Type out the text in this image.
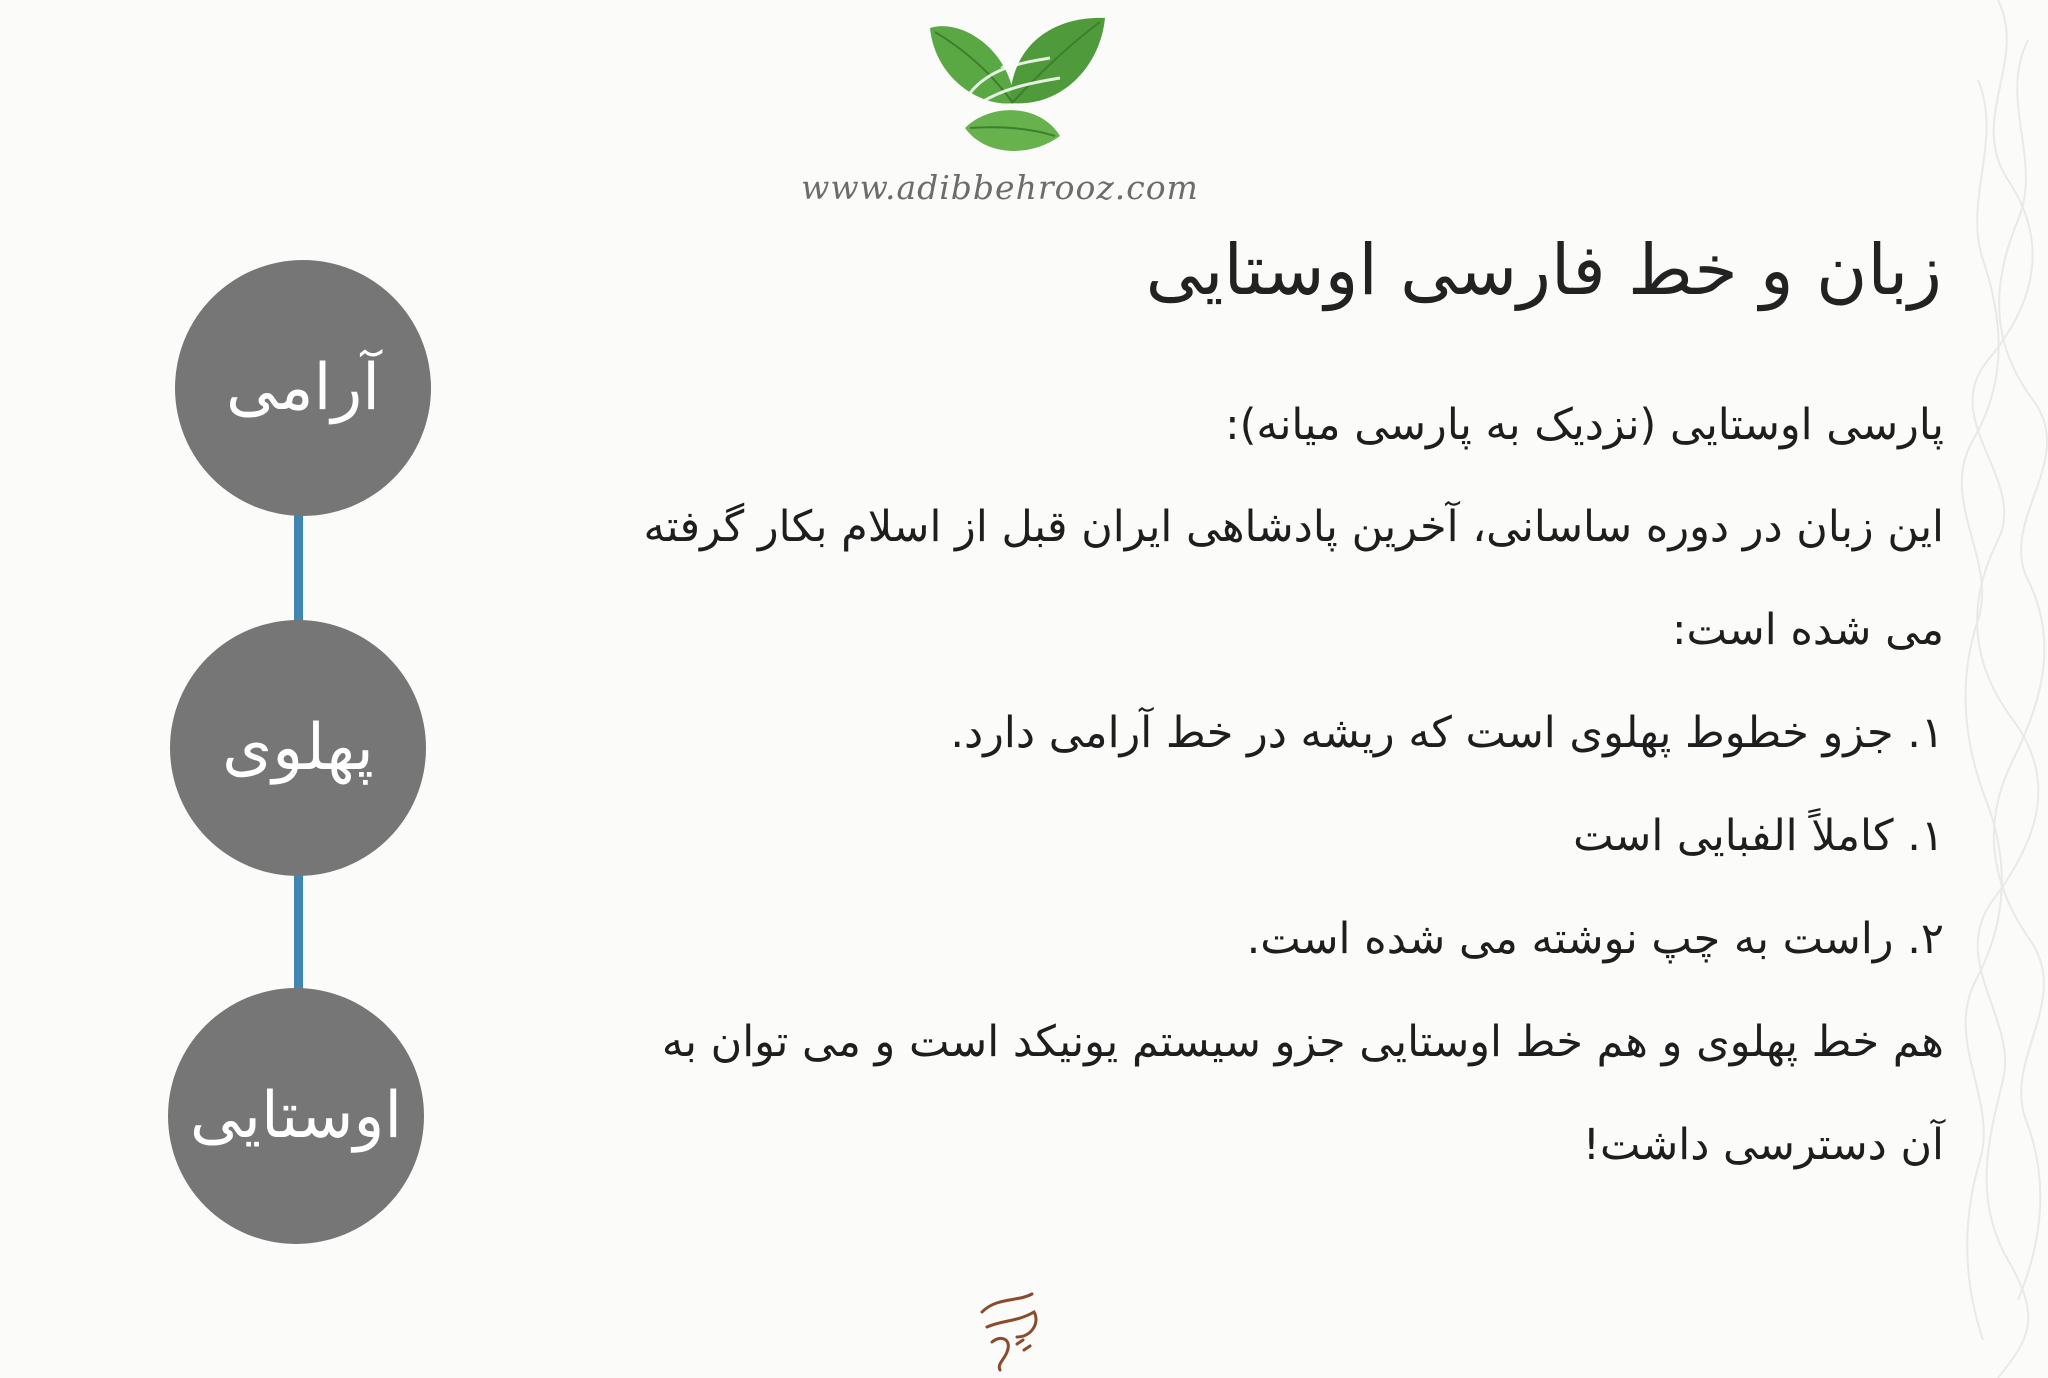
www.adibbehrooz.com
آرامی
پهلوی
اوستایی
زبان و خط فارسی اوستایی

پارسی اوستایی (نزدیک به پارسی میانه):

این زبان در دوره ساسانی، آخرین پادشاهی ایران قبل از اسلام بکار گرفته می شده است:

۱. جزو خطوط پهلوی است که ریشه در خط آرامی دارد.

۱. کاملاً الفبایی است

۲. راست به چپ نوشته می شده است.

هم خط پهلوی و هم خط اوستایی جزو سیستم یونیکد است و می توان به آن دسترسی داشت!
